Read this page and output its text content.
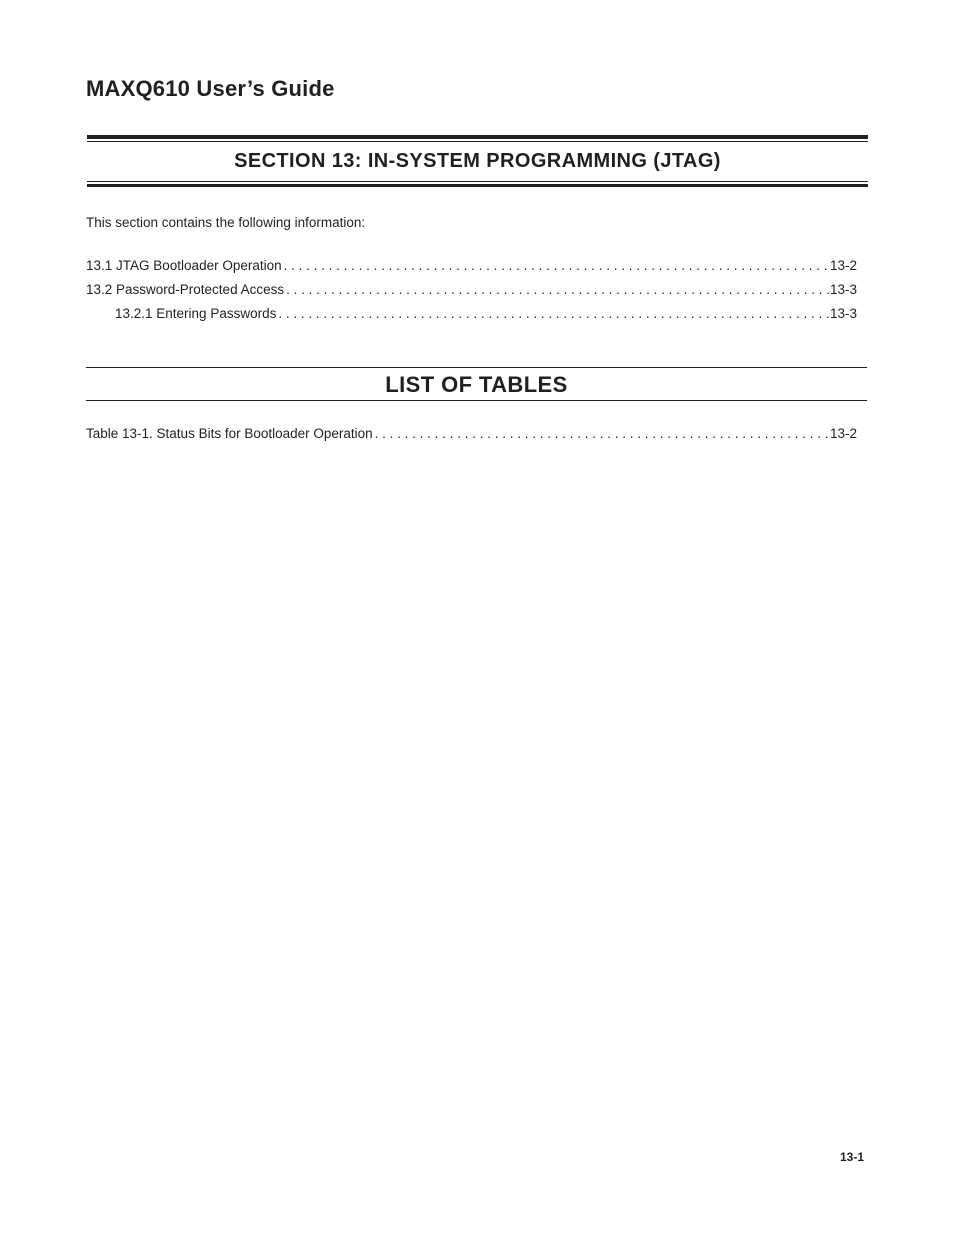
MAXQ610 User’s Guide
SECTION 13: IN-SYSTEM PROGRAMMING (JTAG)

This section contains the following information:

13.1 JTAG Bootloader Operation . . .	13-2
13.2 Password-Protected Access . . .	13-3
13.2.1 Entering Passwords . . .	13-3
LIST OF TABLES
Table 13-1. Status Bits for Bootloader Operation . . .	13-2

13-1
